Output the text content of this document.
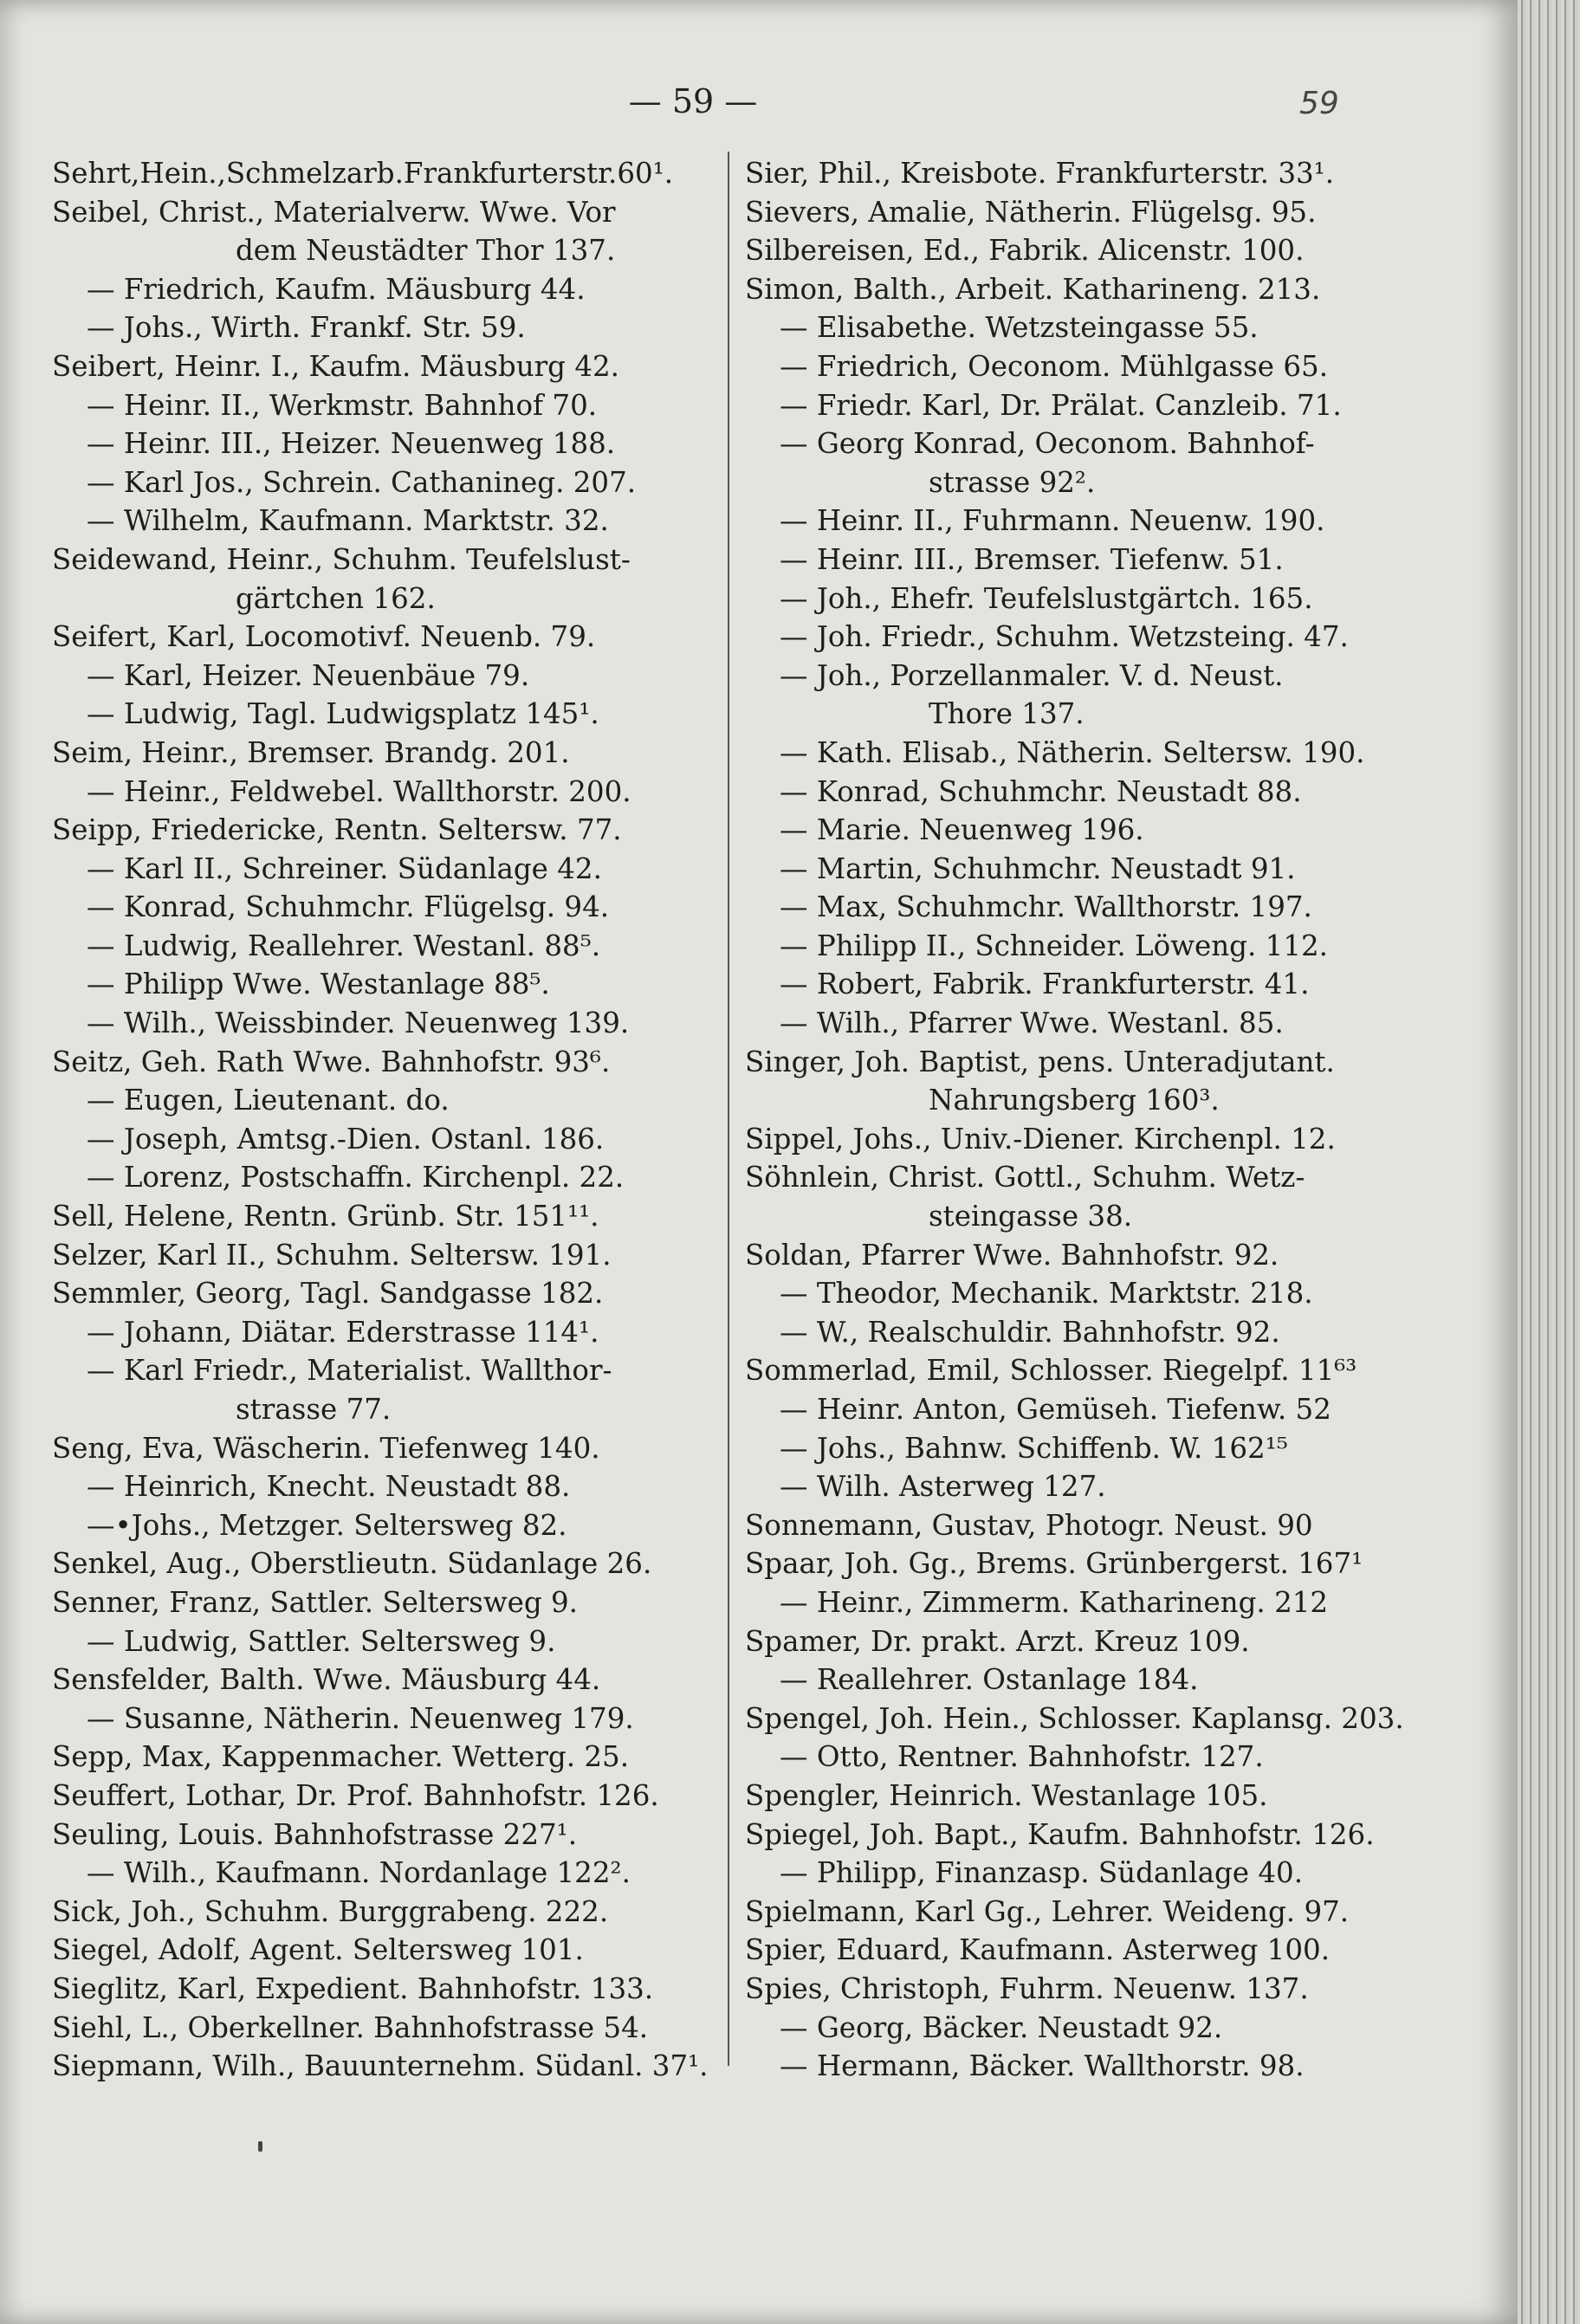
— 59 —	59
Sehrt,Hein.,Schmelzarb.Frankfurterstr.60¹.
Seibel, Christ., Materialverw. Wwe. Vor
dem Neustädter Thor 137.
— Friedrich, Kaufm. Mäusburg 44.
— Johs., Wirth. Frankf. Str. 59.
Seibert, Heinr. I., Kaufm. Mäusburg 42.
— Heinr. II., Werkmstr. Bahnhof 70.
— Heinr. III., Heizer. Neuenweg 188.
— Karl Jos., Schrein. Cathanineg. 207.
— Wilhelm, Kaufmann. Marktstr. 32.
Seidewand, Heinr., Schuhm. Teufelslust-
gärtchen 162.
Seifert, Karl, Locomotivf. Neuenb. 79.
— Karl, Heizer. Neuenbäue 79.
— Ludwig, Tagl. Ludwigsplatz 145¹.
Seim, Heinr., Bremser. Brandg. 201.
— Heinr., Feldwebel. Wallthorstr. 200.
Seipp, Friedericke, Rentn. Seltersw. 77.
— Karl II., Schreiner. Südanlage 42.
— Konrad, Schuhmchr. Flügelsg. 94.
— Ludwig, Reallehrer. Westanl. 88⁵.
— Philipp Wwe. Westanlage 88⁵.
— Wilh., Weissbinder. Neuenweg 139.
Seitz, Geh. Rath Wwe. Bahnhofstr. 93⁶.
— Eugen, Lieutenant. do.
— Joseph, Amtsg.-Dien. Ostanl. 186.
— Lorenz, Postschaffn. Kirchenpl. 22.
Sell, Helene, Rentn. Grünb. Str. 151¹¹.
Selzer, Karl II., Schuhm. Seltersw. 191.
Semmler, Georg, Tagl. Sandgasse 182.
— Johann, Diätar. Ederstrasse 114¹.
— Karl Friedr., Materialist. Wallthor-
strasse 77.
Seng, Eva, Wäscherin. Tiefenweg 140.
— Heinrich, Knecht. Neustadt 88.
—•Johs., Metzger. Seltersweg 82.
Senkel, Aug., Oberstlieutn. Südanlage 26.
Senner, Franz, Sattler. Seltersweg 9.
— Ludwig, Sattler. Seltersweg 9.
Sensfelder, Balth. Wwe. Mäusburg 44.
— Susanne, Nätherin. Neuenweg 179.
Sepp, Max, Kappenmacher. Wetterg. 25.
Seuffert, Lothar, Dr. Prof. Bahnhofstr. 126.
Seuling, Louis. Bahnhofstrasse 227¹.
— Wilh., Kaufmann. Nordanlage 122².
Sick, Joh., Schuhm. Burggrabeng. 222.
Siegel, Adolf, Agent. Seltersweg 101.
Sieglitz, Karl, Expedient. Bahnhofstr. 133.
Siehl, L., Oberkellner. Bahnhofstrasse 54.
Siepmann, Wilh., Bauunternehm. Südanl. 37¹.
Sier, Phil., Kreisbote. Frankfurterstr. 33¹.
Sievers, Amalie, Nätherin. Flügelsg. 95.
Silbereisen, Ed., Fabrik. Alicenstr. 100.
Simon, Balth., Arbeit. Katharineng. 213.
— Elisabethe. Wetzsteingasse 55.
— Friedrich, Oeconom. Mühlgasse 65.
— Friedr. Karl, Dr. Prälat. Canzleib. 71.
— Georg Konrad, Oeconom. Bahnhof-
strasse 92².
— Heinr. II., Fuhrmann. Neuenw. 190.
— Heinr. III., Bremser. Tiefenw. 51.
— Joh., Ehefr. Teufelslustgärtch. 165.
— Joh. Friedr., Schuhm. Wetzsteing. 47.
— Joh., Porzellanmaler. V. d. Neust.
Thore 137.
— Kath. Elisab., Nätherin. Seltersw. 190.
— Konrad, Schuhmchr. Neustadt 88.
— Marie. Neuenweg 196.
— Martin, Schuhmchr. Neustadt 91.
— Max, Schuhmchr. Wallthorstr. 197.
— Philipp II., Schneider. Löweng. 112.
— Robert, Fabrik. Frankfurterstr. 41.
— Wilh., Pfarrer Wwe. Westanl. 85.
Singer, Joh. Baptist, pens. Unteradjutant.
Nahrungsberg 160³.
Sippel, Johs., Univ.-Diener. Kirchenpl. 12.
Söhnlein, Christ. Gottl., Schuhm. Wetz-
steingasse 38.
Soldan, Pfarrer Wwe. Bahnhofstr. 92.
— Theodor, Mechanik. Marktstr. 218.
— W., Realschuldir. Bahnhofstr. 92.
Sommerlad, Emil, Schlosser. Riegelpf. 11⁶³
— Heinr. Anton, Gemüseh. Tiefenw. 52
— Johs., Bahnw. Schiffenb. W. 162¹⁵
— Wilh. Asterweg 127.
Sonnemann, Gustav, Photogr. Neust. 90
Spaar, Joh. Gg., Brems. Grünbergerst. 167¹
— Heinr., Zimmerm. Katharineng. 212
Spamer, Dr. prakt. Arzt. Kreuz 109.
— Reallehrer. Ostanlage 184.
Spengel, Joh. Hein., Schlosser. Kaplansg. 203.
— Otto, Rentner. Bahnhofstr. 127.
Spengler, Heinrich. Westanlage 105.
Spiegel, Joh. Bapt., Kaufm. Bahnhofstr. 126.
— Philipp, Finanzasp. Südanlage 40.
Spielmann, Karl Gg., Lehrer. Weideng. 97.
Spier, Eduard, Kaufmann. Asterweg 100.
Spies, Christoph, Fuhrm. Neuenw. 137.
— Georg, Bäcker. Neustadt 92.
— Hermann, Bäcker. Wallthorstr. 98.
